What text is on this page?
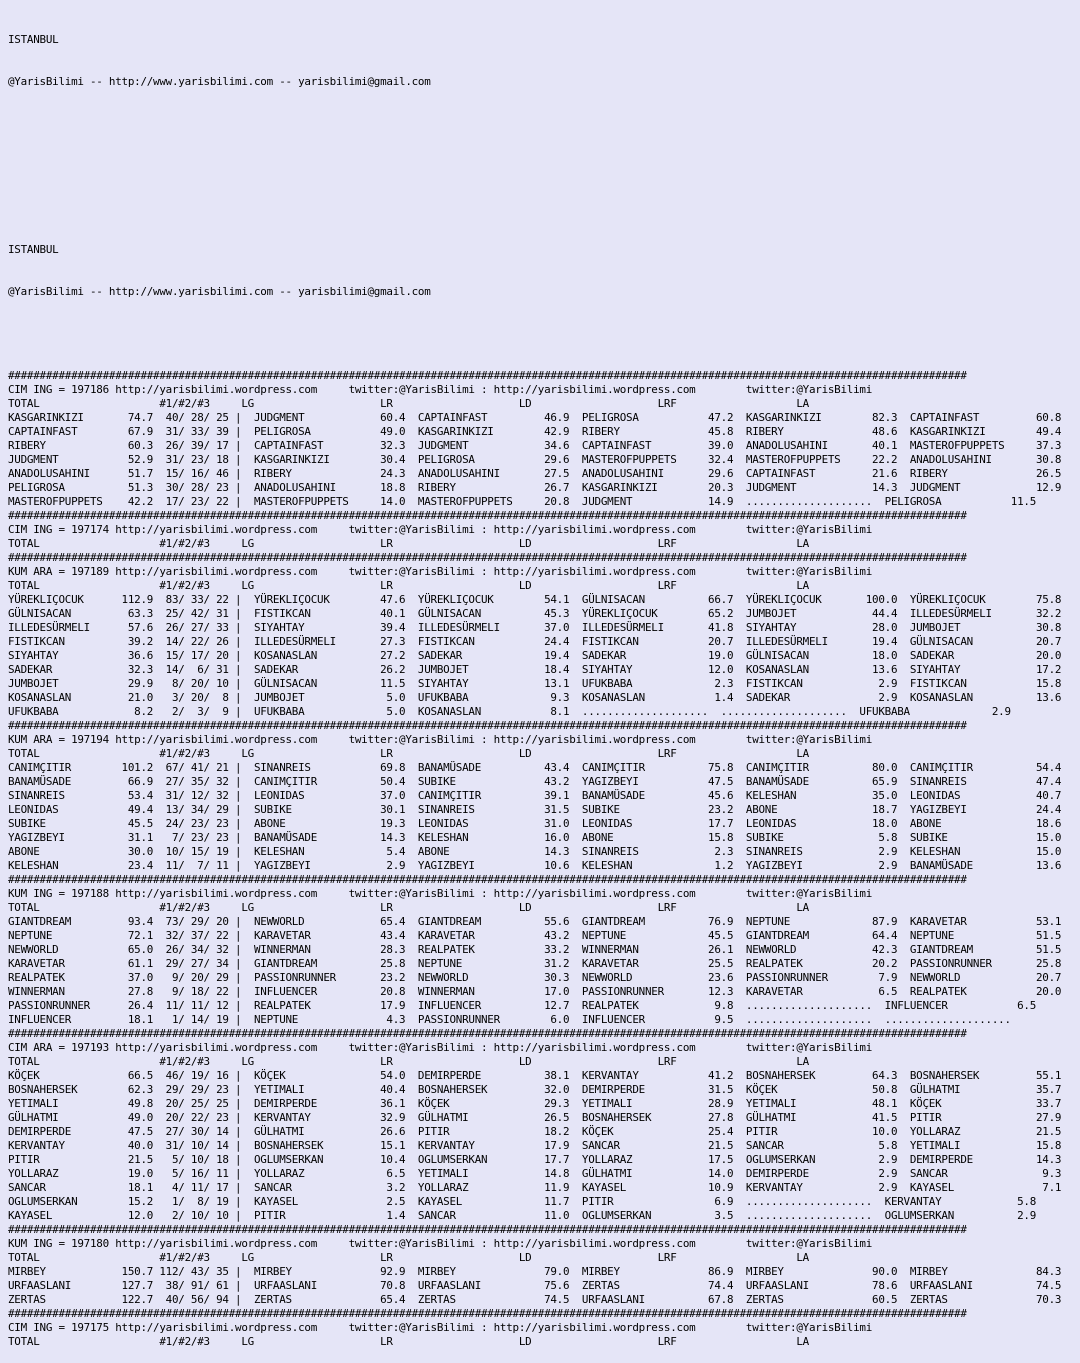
ISTANBUL

@YarisBilimi -- http://www.yarisbilimi.com -- yarisbilimi@gmail.com

ISTANBUL

@YarisBilimi -- http://www.yarisbilimi.com -- yarisbilimi@gmail.com

########################################################################################################################################################
CIM ING = 197186 http://yarisbilimi.wordpress.com     twitter:@YarisBilimi : http://yarisbilimi.wordpress.com        twitter:@YarisBilimi
TOTAL                   #1/#2/#3     LG                    LR                    LD                    LRF                   LA
KASGARINKIZI       74.7  40/ 28/ 25 |  JUDGMENT            60.4  CAPTAINFAST         46.9  PELIGROSA           47.2  KASGARINKIZI        82.3  CAPTAINFAST         60.8
CAPTAINFAST        67.9  31/ 33/ 39 |  PELIGROSA           49.0  KASGARINKIZI        42.9  RIBERY              45.8  RIBERY              48.6  KASGARINKIZI        49.4
RIBERY             60.3  26/ 39/ 17 |  CAPTAINFAST         32.3  JUDGMENT            34.6  CAPTAINFAST         39.0  ANADOLUSAHINI       40.1  MASTEROFPUPPETS     37.3
JUDGMENT           52.9  31/ 23/ 18 |  KASGARINKIZI        30.4  PELIGROSA           29.6  MASTEROFPUPPETS     32.4  MASTEROFPUPPETS     22.2  ANADOLUSAHINI       30.8
ANADOLUSAHINI      51.7  15/ 16/ 46 |  RIBERY              24.3  ANADOLUSAHINI       27.5  ANADOLUSAHINI       29.6  CAPTAINFAST         21.6  RIBERY              26.5
PELIGROSA          51.3  30/ 28/ 23 |  ANADOLUSAHINI       18.8  RIBERY              26.7  KASGARINKIZI        20.3  JUDGMENT            14.3  JUDGMENT            12.9
MASTEROFPUPPETS    42.2  17/ 23/ 22 |  MASTEROFPUPPETS     14.0  MASTEROFPUPPETS     20.8  JUDGMENT            14.9  ....................  PELIGROSA           11.5
########################################################################################################################################################
CIM ING = 197174 http://yarisbilimi.wordpress.com     twitter:@YarisBilimi : http://yarisbilimi.wordpress.com        twitter:@YarisBilimi
TOTAL                   #1/#2/#3     LG                    LR                    LD                    LRF                   LA
########################################################################################################################################################
KUM ARA = 197189 http://yarisbilimi.wordpress.com     twitter:@YarisBilimi : http://yarisbilimi.wordpress.com        twitter:@YarisBilimi
TOTAL                   #1/#2/#3     LG                    LR                    LD                    LRF                   LA
YÜREKLIÇOCUK      112.9  83/ 33/ 22 |  YÜREKLIÇOCUK        47.6  YÜREKLIÇOCUK        54.1  GÜLNISACAN          66.7  YÜREKLIÇOCUK       100.0  YÜREKLIÇOCUK        75.8
GÜLNISACAN         63.3  25/ 42/ 31 |  FISTIKCAN           40.1  GÜLNISACAN          45.3  YÜREKLIÇOCUK        65.2  JUMBOJET            44.4  ILLEDESÜRMELI       32.2
ILLEDESÜRMELI      57.6  26/ 27/ 33 |  SIYAHTAY            39.4  ILLEDESÜRMELI       37.0  ILLEDESÜRMELI       41.8  SIYAHTAY            28.0  JUMBOJET            30.8
FISTIKCAN          39.2  14/ 22/ 26 |  ILLEDESÜRMELI       27.3  FISTIKCAN           24.4  FISTIKCAN           20.7  ILLEDESÜRMELI       19.4  GÜLNISACAN          20.7
SIYAHTAY           36.6  15/ 17/ 20 |  KOSANASLAN          27.2  SADEKAR             19.4  SADEKAR             19.0  GÜLNISACAN          18.0  SADEKAR             20.0
SADEKAR            32.3  14/  6/ 31 |  SADEKAR             26.2  JUMBOJET            18.4  SIYAHTAY            12.0  KOSANASLAN          13.6  SIYAHTAY            17.2
JUMBOJET           29.9   8/ 20/ 10 |  GÜLNISACAN          11.5  SIYAHTAY            13.1  UFUKBABA             2.3  FISTIKCAN            2.9  FISTIKCAN           15.8
KOSANASLAN         21.0   3/ 20/  8 |  JUMBOJET             5.0  UFUKBABA             9.3  KOSANASLAN           1.4  SADEKAR              2.9  KOSANASLAN          13.6
UFUKBABA            8.2   2/  3/  9 |  UFUKBABA             5.0  KOSANASLAN           8.1  ....................  ....................  UFUKBABA             2.9
########################################################################################################################################################
KUM ARA = 197194 http://yarisbilimi.wordpress.com     twitter:@YarisBilimi : http://yarisbilimi.wordpress.com        twitter:@YarisBilimi
TOTAL                   #1/#2/#3     LG                    LR                    LD                    LRF                   LA
CANIMÇITIR        101.2  67/ 41/ 21 |  SINANREIS           69.8  BANAMÜSADE          43.4  CANIMÇITIR          75.8  CANIMÇITIR          80.0  CANIMÇITIR          54.4
BANAMÜSADE         66.9  27/ 35/ 32 |  CANIMÇITIR          50.4  SUBIKE              43.2  YAGIZBEYI           47.5  BANAMÜSADE          65.9  SINANREIS           47.4
SINANREIS          53.4  31/ 12/ 32 |  LEONIDAS            37.0  CANIMÇITIR          39.1  BANAMÜSADE          45.6  KELESHAN            35.0  LEONIDAS            40.7
LEONIDAS           49.4  13/ 34/ 29 |  SUBIKE              30.1  SINANREIS           31.5  SUBIKE              23.2  ABONE               18.7  YAGIZBEYI           24.4
SUBIKE             45.5  24/ 23/ 23 |  ABONE               19.3  LEONIDAS            31.0  LEONIDAS            17.7  LEONIDAS            18.0  ABONE               18.6
YAGIZBEYI          31.1   7/ 23/ 23 |  BANAMÜSADE          14.3  KELESHAN            16.0  ABONE               15.8  SUBIKE               5.8  SUBIKE              15.0
ABONE              30.0  10/ 15/ 19 |  KELESHAN             5.4  ABONE               14.3  SINANREIS            2.3  SINANREIS            2.9  KELESHAN            15.0
KELESHAN           23.4  11/  7/ 11 |  YAGIZBEYI            2.9  YAGIZBEYI           10.6  KELESHAN             1.2  YAGIZBEYI            2.9  BANAMÜSADE          13.6
########################################################################################################################################################
KUM ING = 197188 http://yarisbilimi.wordpress.com     twitter:@YarisBilimi : http://yarisbilimi.wordpress.com        twitter:@YarisBilimi
TOTAL                   #1/#2/#3     LG                    LR                    LD                    LRF                   LA
GIANTDREAM         93.4  73/ 29/ 20 |  NEWWORLD            65.4  GIANTDREAM          55.6  GIANTDREAM          76.9  NEPTUNE             87.9  KARAVETAR           53.1
NEPTUNE            72.1  32/ 37/ 22 |  KARAVETAR           43.4  KARAVETAR           43.2  NEPTUNE             45.5  GIANTDREAM          64.4  NEPTUNE             51.5
NEWWORLD           65.0  26/ 34/ 32 |  WINNERMAN           28.3  REALPATEK           33.2  WINNERMAN           26.1  NEWWORLD            42.3  GIANTDREAM          51.5
KARAVETAR          61.1  29/ 27/ 34 |  GIANTDREAM          25.8  NEPTUNE             31.2  KARAVETAR           25.5  REALPATEK           20.2  PASSIONRUNNER       25.8
REALPATEK          37.0   9/ 20/ 29 |  PASSIONRUNNER       23.2  NEWWORLD            30.3  NEWWORLD            23.6  PASSIONRUNNER        7.9  NEWWORLD            20.7
WINNERMAN          27.8   9/ 18/ 22 |  INFLUENCER          20.8  WINNERMAN           17.0  PASSIONRUNNER       12.3  KARAVETAR            6.5  REALPATEK           20.0
PASSIONRUNNER      26.4  11/ 11/ 12 |  REALPATEK           17.9  INFLUENCER          12.7  REALPATEK            9.8  ....................  INFLUENCER           6.5
INFLUENCER         18.1   1/ 14/ 19 |  NEPTUNE              4.3  PASSIONRUNNER        6.0  INFLUENCER           9.5  ....................  ....................
########################################################################################################################################################
CIM ARA = 197193 http://yarisbilimi.wordpress.com     twitter:@YarisBilimi : http://yarisbilimi.wordpress.com        twitter:@YarisBilimi
TOTAL                   #1/#2/#3     LG                    LR                    LD                    LRF                   LA
KÖÇEK              66.5  46/ 19/ 16 |  KÖÇEK               54.0  DEMIRPERDE          38.1  KERVANTAY           41.2  BOSNAHERSEK         64.3  BOSNAHERSEK         55.1
BOSNAHERSEK        62.3  29/ 29/ 23 |  YETIMALI            40.4  BOSNAHERSEK         32.0  DEMIRPERDE          31.5  KÖÇEK               50.8  GÜLHATMI            35.7
YETIMALI           49.8  20/ 25/ 25 |  DEMIRPERDE          36.1  KÖÇEK               29.3  YETIMALI            28.9  YETIMALI            48.1  KÖÇEK               33.7
GÜLHATMI           49.0  20/ 22/ 23 |  KERVANTAY           32.9  GÜLHATMI            26.5  BOSNAHERSEK         27.8  GÜLHATMI            41.5  PITIR               27.9
DEMIRPERDE         47.5  27/ 30/ 14 |  GÜLHATMI            26.6  PITIR               18.2  KÖÇEK               25.4  PITIR               10.0  YOLLARAZ            21.5
KERVANTAY          40.0  31/ 10/ 14 |  BOSNAHERSEK         15.1  KERVANTAY           17.9  SANCAR              21.5  SANCAR               5.8  YETIMALI            15.8
PITIR              21.5   5/ 10/ 18 |  OGLUMSERKAN         10.4  OGLUMSERKAN         17.7  YOLLARAZ            17.5  OGLUMSERKAN          2.9  DEMIRPERDE          14.3
YOLLARAZ           19.0   5/ 16/ 11 |  YOLLARAZ             6.5  YETIMALI            14.8  GÜLHATMI            14.0  DEMIRPERDE           2.9  SANCAR               9.3
SANCAR             18.1   4/ 11/ 17 |  SANCAR               3.2  YOLLARAZ            11.9  KAYASEL             10.9  KERVANTAY            2.9  KAYASEL              7.1
OGLUMSERKAN        15.2   1/  8/ 19 |  KAYASEL              2.5  KAYASEL             11.7  PITIR                6.9  ....................  KERVANTAY            5.8
KAYASEL            12.0   2/ 10/ 10 |  PITIR                1.4  SANCAR              11.0  OGLUMSERKAN          3.5  ....................  OGLUMSERKAN          2.9
########################################################################################################################################################
KUM ING = 197180 http://yarisbilimi.wordpress.com     twitter:@YarisBilimi : http://yarisbilimi.wordpress.com        twitter:@YarisBilimi
TOTAL                   #1/#2/#3     LG                    LR                    LD                    LRF                   LA
MIRBEY            150.7 112/ 43/ 35 |  MIRBEY              92.9  MIRBEY              79.0  MIRBEY              86.9  MIRBEY              90.0  MIRBEY              84.3
URFAASLANI        127.7  38/ 91/ 61 |  URFAASLANI          70.8  URFAASLANI          75.6  ZERTAS              74.4  URFAASLANI          78.6  URFAASLANI          74.5
ZERTAS            122.7  40/ 56/ 94 |  ZERTAS              65.4  ZERTAS              74.5  URFAASLANI          67.8  ZERTAS              60.5  ZERTAS              70.3
########################################################################################################################################################
CIM ING = 197175 http://yarisbilimi.wordpress.com     twitter:@YarisBilimi : http://yarisbilimi.wordpress.com        twitter:@YarisBilimi
TOTAL                   #1/#2/#3     LG                    LR                    LD                    LRF                   LA
